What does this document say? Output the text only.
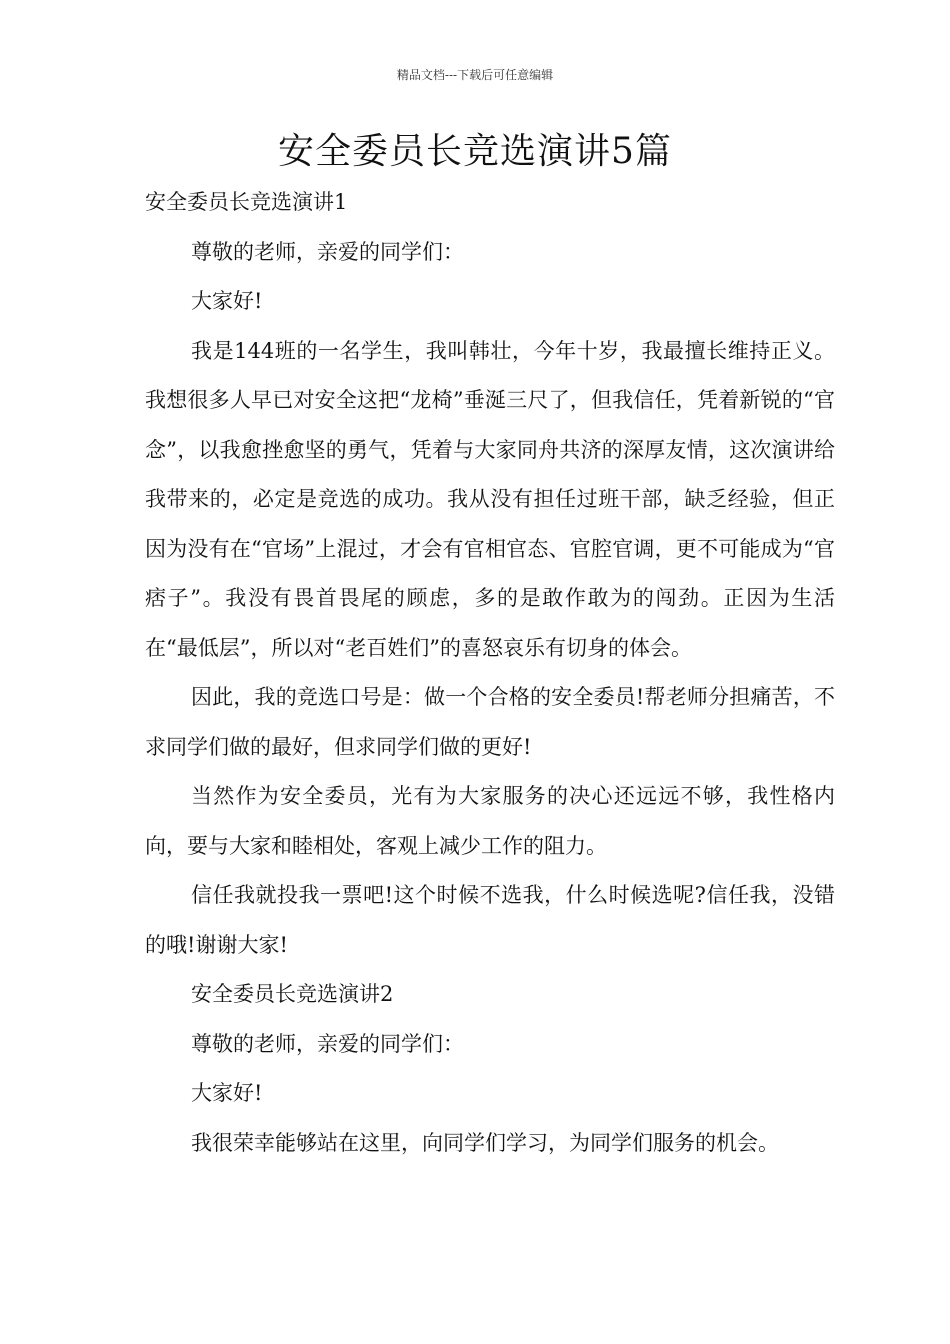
精品文档---下载后可任意编辑
安全委员长竞选演讲5篇

安全委员长竞选演讲1

尊敬的老师，亲爱的同学们：

大家好!

我是144班的一名学生，我叫韩壮，今年十岁，我最擅长维持正义。我想很多人早已对安全这把“龙椅”垂涎三尺了，但我信任，凭着新锐的“官念”，以我愈挫愈坚的勇气，凭着与大家同舟共济的深厚友情，这次演讲给我带来的，必定是竞选的成功。我从没有担任过班干部，缺乏经验，但正因为没有在“官场”上混过，才会有官相官态、官腔官调，更不可能成为“官痞子”。我没有畏首畏尾的顾虑，多的是敢作敢为的闯劲。正因为生活在“最低层”，所以对“老百姓们”的喜怒哀乐有切身的体会。

因此，我的竞选口号是：做一个合格的安全委员!帮老师分担痛苦，不求同学们做的最好，但求同学们做的更好!

当然作为安全委员，光有为大家服务的决心还远远不够，我性格内向，要与大家和睦相处，客观上减少工作的阻力。

信任我就投我一票吧!这个时候不选我，什么时候选呢?信任我，没错的哦!谢谢大家!

安全委员长竞选演讲2

尊敬的老师，亲爱的同学们：

大家好!

我很荣幸能够站在这里，向同学们学习，为同学们服务的机会。
